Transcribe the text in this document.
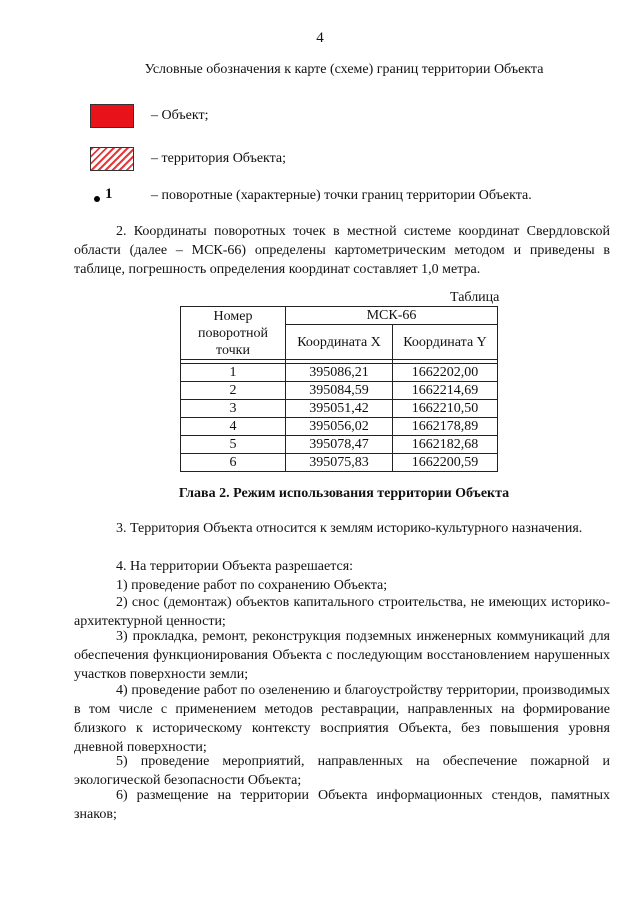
4
Условные обозначения к карте (схеме) границ территории Объекта
– Объект;
– территория Объекта;
1	– поворотные (характерные) точки границ территории Объекта.
2. Координаты поворотных точек в местной системе координат Свердловской области (далее – МСК-66) определены картометрическим методом и приведены в таблице, погрешность определения координат составляет 1,0 метра.
Таблица
Номер поворотной точки	МСК-66	
	Координата X	Координата Y

1	395086,21	1662202,00
2	395084,59	1662214,69
3	395051,42	1662210,50
4	395056,02	1662178,89
5	395078,47	1662182,68
6	395075,83	1662200,59
Глава 2. Режим использования территории Объекта
3. Территория Объекта относится к землям историко-культурного назначения.
4. На территории Объекта разрешается:
1) проведение работ по сохранению Объекта;
2) снос (демонтаж) объектов капитального строительства, не имеющих историко-архитектурной ценности;
3) прокладка, ремонт, реконструкция подземных инженерных коммуникаций для обеспечения функционирования Объекта с последующим восстановлением нарушенных участков поверхности земли;
4) проведение работ по озеленению и благоустройству территории, производимых в том числе с применением методов реставрации, направленных на формирование близкого к историческому контексту восприятия Объекта, без повышения уровня дневной поверхности;
5) проведение мероприятий, направленных на обеспечение пожарной и экологической безопасности Объекта;
6) размещение на территории Объекта информационных стендов, памятных знаков;
